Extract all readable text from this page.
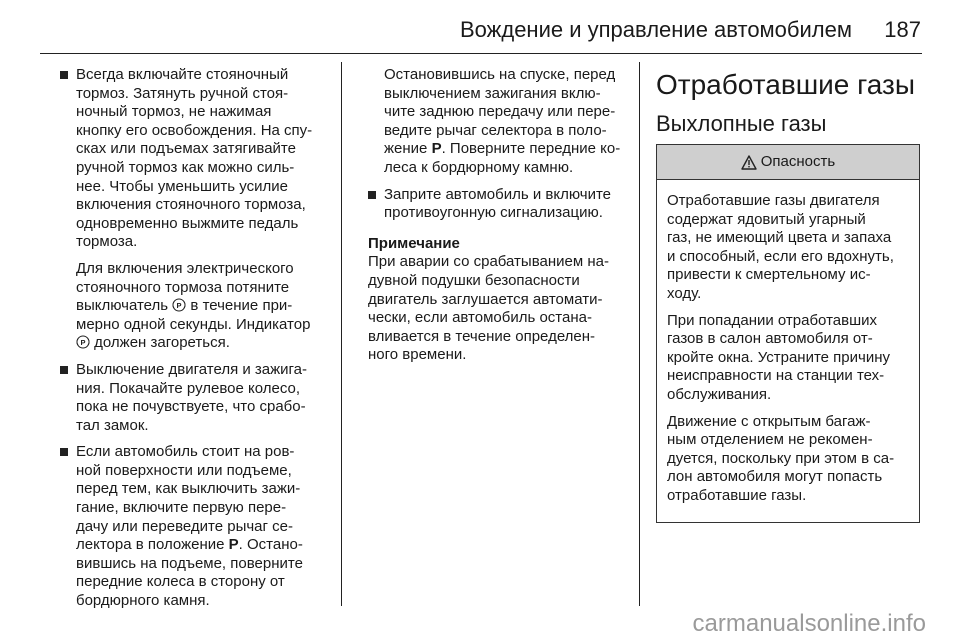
Вождение и управление автомобилем 187
Всегда включайте стояночный
тормоз. Затянуть ручной стоя-
ночный тормоз, не нажимая
кнопку его освобождения. На спу-
сках или подъемах затягивайте
ручной тормоз как можно силь-
нее. Чтобы уменьшить усилие
включения стояночного тормоза,
одновременно выжмите педаль
тормоза.
Для включения электрического
стояночного тормоза потяните
выключатель P в течение при-
мерно одной секунды. Индикатор
P должен загореться.
Выключение двигателя и зажига-
ния. Покачайте рулевое колесо,
пока не почувствуете, что срабо-
тал замок.
Если автомобиль стоит на ров-
ной поверхности или подъеме,
перед тем, как выключить зажи-
гание, включите первую пере-
дачу или переведите рычаг се-
лектора в положение P. Остано-
вившись на подъеме, поверните
передние колеса в сторону от
бордюрного камня.
Остановившись на спуске, перед
выключением зажигания вклю-
чите заднюю передачу или пере-
ведите рычаг селектора в поло-
жение P. Поверните передние ко-
леса к бордюрному камню.
Заприте автомобиль и включите
противоугонную сигнализацию.
Примечание
При аварии со срабатыванием на-
дувной подушки безопасности
двигатель заглушается автомати-
чески, если автомобиль остана-
вливается в течение определен-
ного времени.
Отработавшие газы
Выхлопные газы
Опасность
Отработавшие газы двигателя
содержат ядовитый угарный
газ, не имеющий цвета и запаха
и способный, если его вдохнуть,
привести к смертельному ис-
ходу.
При попадании отработавших
газов в салон автомобиля от-
кройте окна. Устраните причину
неисправности на станции тех-
обслуживания.
Движение с открытым багаж-
ным отделением не рекомен-
дуется, поскольку при этом в са-
лон автомобиля могут попасть
отработавшие газы.
carmanualsonline.info
